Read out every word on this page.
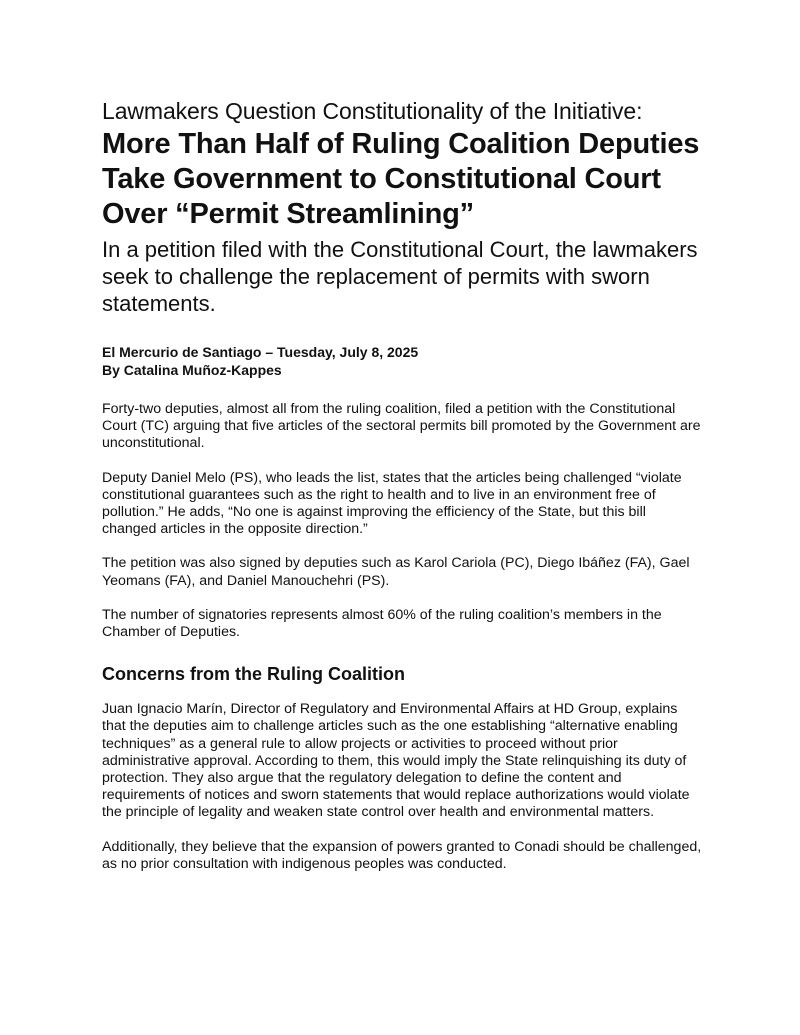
Lawmakers Question Constitutionality of the Initiative:
More Than Half of Ruling Coalition Deputies Take Government to Constitutional Court Over “Permit Streamlining”

In a petition filed with the Constitutional Court, the lawmakers seek to challenge the replacement of permits with sworn statements.

El Mercurio de Santiago – Tuesday, July 8, 2025
By Catalina Muñoz-Kappes

Forty-two deputies, almost all from the ruling coalition, filed a petition with the Constitutional Court (TC) arguing that five articles of the sectoral permits bill promoted by the Government are unconstitutional.

Deputy Daniel Melo (PS), who leads the list, states that the articles being challenged “violate constitutional guarantees such as the right to health and to live in an environment free of pollution.” He adds, “No one is against improving the efficiency of the State, but this bill changed articles in the opposite direction.”

The petition was also signed by deputies such as Karol Cariola (PC), Diego Ibáñez (FA), Gael Yeomans (FA), and Daniel Manouchehri (PS).

The number of signatories represents almost 60% of the ruling coalition’s members in the Chamber of Deputies.

Concerns from the Ruling Coalition

Juan Ignacio Marín, Director of Regulatory and Environmental Affairs at HD Group, explains that the deputies aim to challenge articles such as the one establishing “alternative enabling techniques” as a general rule to allow projects or activities to proceed without prior administrative approval. According to them, this would imply the State relinquishing its duty of protection. They also argue that the regulatory delegation to define the content and requirements of notices and sworn statements that would replace authorizations would violate the principle of legality and weaken state control over health and environmental matters.

Additionally, they believe that the expansion of powers granted to Conadi should be challenged, as no prior consultation with indigenous peoples was conducted.
